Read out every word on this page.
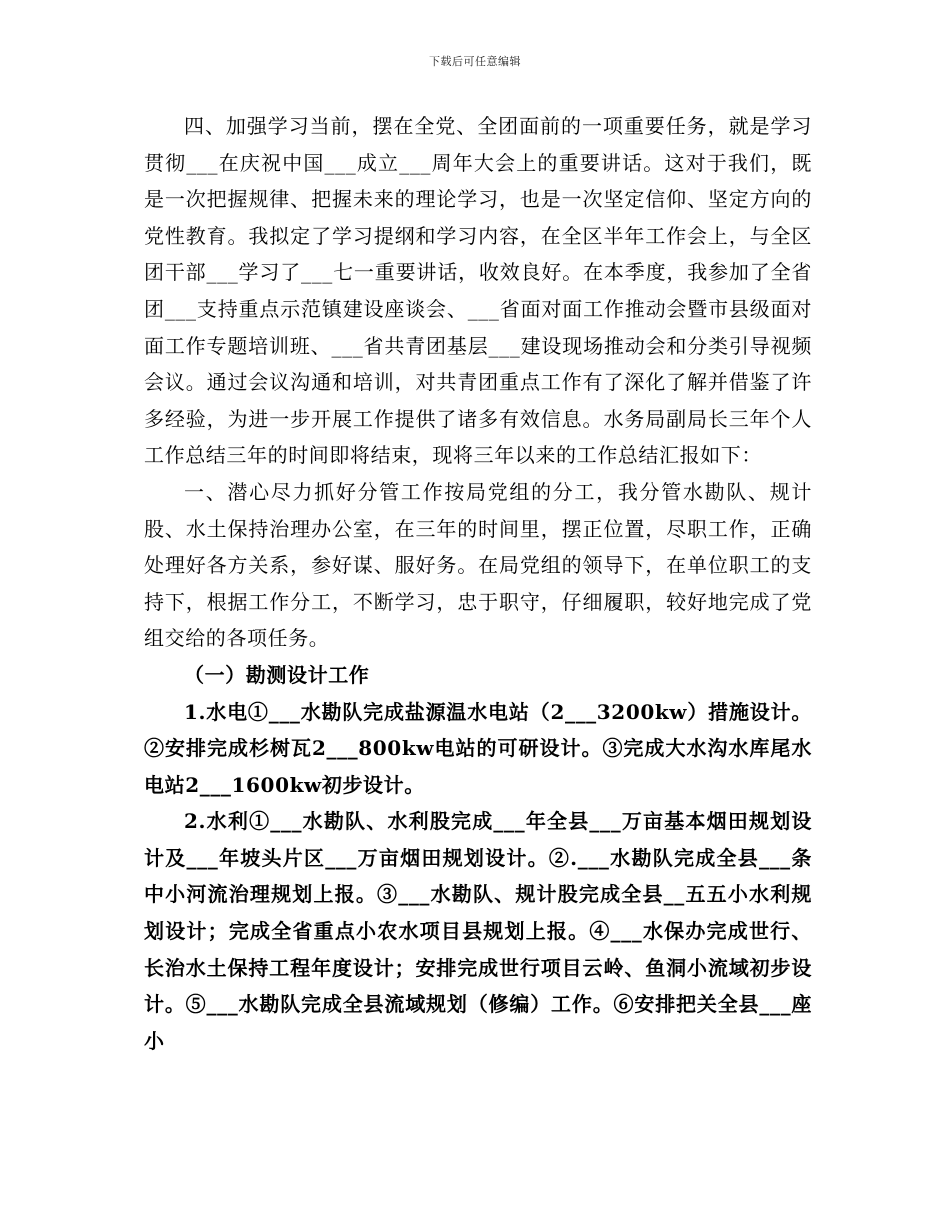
下载后可任意编辑

四、加强学习当前，摆在全党、全团面前的一项重要任务，就是学习贯彻___在庆祝中国___成立___周年大会上的重要讲话。这对于我们，既是一次把握规律、把握未来的理论学习，也是一次坚定信仰、坚定方向的党性教育。我拟定了学习提纲和学习内容，在全区半年工作会上，与全区团干部___学习了___七一重要讲话，收效良好。在本季度，我参加了全省团___支持重点示范镇建设座谈会、___省面对面工作推动会暨市县级面对面工作专题培训班、___省共青团基层___建设现场推动会和分类引导视频会议。通过会议沟通和培训，对共青团重点工作有了深化了解并借鉴了许多经验，为进一步开展工作提供了诸多有效信息。水务局副局长三年个人工作总结三年的时间即将结束，现将三年以来的工作总结汇报如下：

一、潜心尽力抓好分管工作按局党组的分工，我分管水勘队、规计股、水土保持治理办公室，在三年的时间里，摆正位置，尽职工作，正确处理好各方关系，参好谋、服好务。在局党组的领导下，在单位职工的支持下，根据工作分工，不断学习，忠于职守，仔细履职，较好地完成了党组交给的各项任务。

（一）勘测设计工作

1.水电①___水勘队完成盐源温水电站（2___3200kw）措施设计。②安排完成杉树瓦2___800kw电站的可研设计。③完成大水沟水库尾水电站2___1600kw初步设计。

2.水利①___水勘队、水利股完成___年全县___万亩基本烟田规划设计及___年坡头片区___万亩烟田规划设计。②.___水勘队完成全县___条中小河流治理规划上报。③___水勘队、规计股完成全县__五五小水利规划设计；完成全省重点小农水项目县规划上报。④___水保办完成世行、长治水土保持工程年度设计；安排完成世行项目云岭、鱼洞小流域初步设计。⑤___水勘队完成全县流域规划（修编）工作。⑥安排把关全县___座小
